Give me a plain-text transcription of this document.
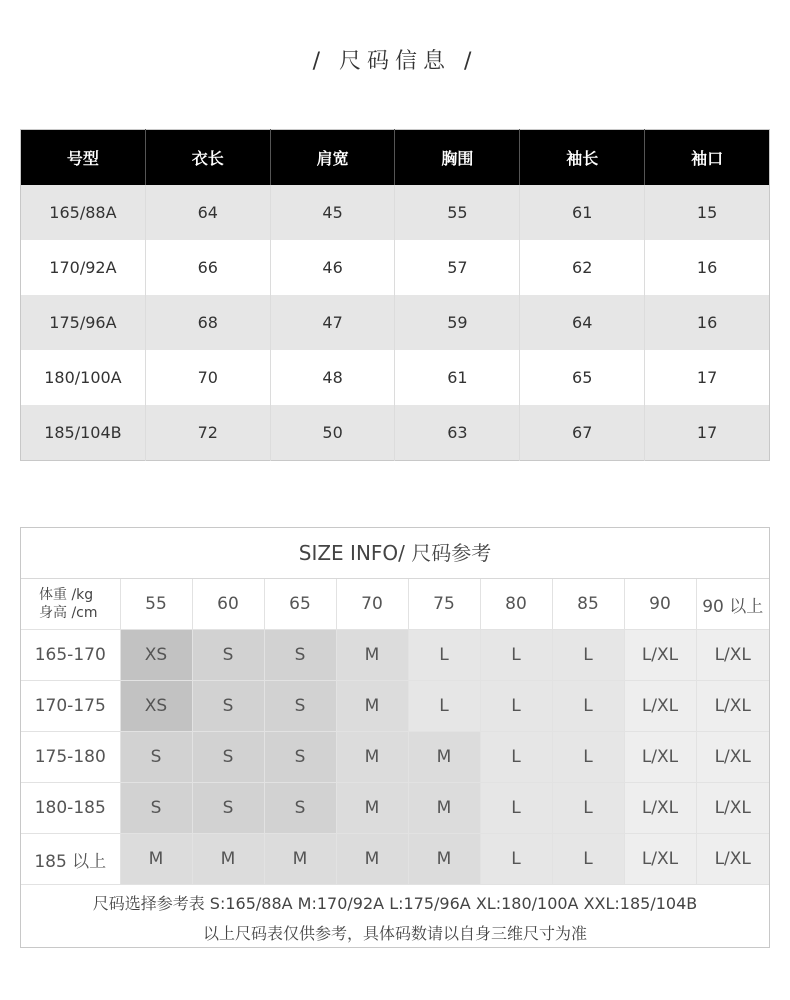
/ 尺码信息 /
号型	衣长	肩宽	胸围	袖长	袖口
165/88A	64	45	55	61	15
170/92A	66	46	57	62	16
175/96A	68	47	59	64	16
180/100A	70	48	61	65	17
185/104B	72	50	63	67	17
SIZE INFO/ 尺码参考
体重 /kg
身高 /cm	55	60	65	70	75	80	85	90	90 以上
165-170	XS	S	S	M	L	L	L	L/XL	L/XL
170-175	XS	S	S	M	L	L	L	L/XL	L/XL
175-180	S	S	S	M	M	L	L	L/XL	L/XL
180-185	S	S	S	M	M	L	L	L/XL	L/XL
185 以上	M	M	M	M	M	L	L	L/XL	L/XL
尺码选择参考表 S:165/88A M:170/92A L:175/96A XL:180/100A XXL:185/104B
以上尺码表仅供参考，具体码数请以自身三维尺寸为准
